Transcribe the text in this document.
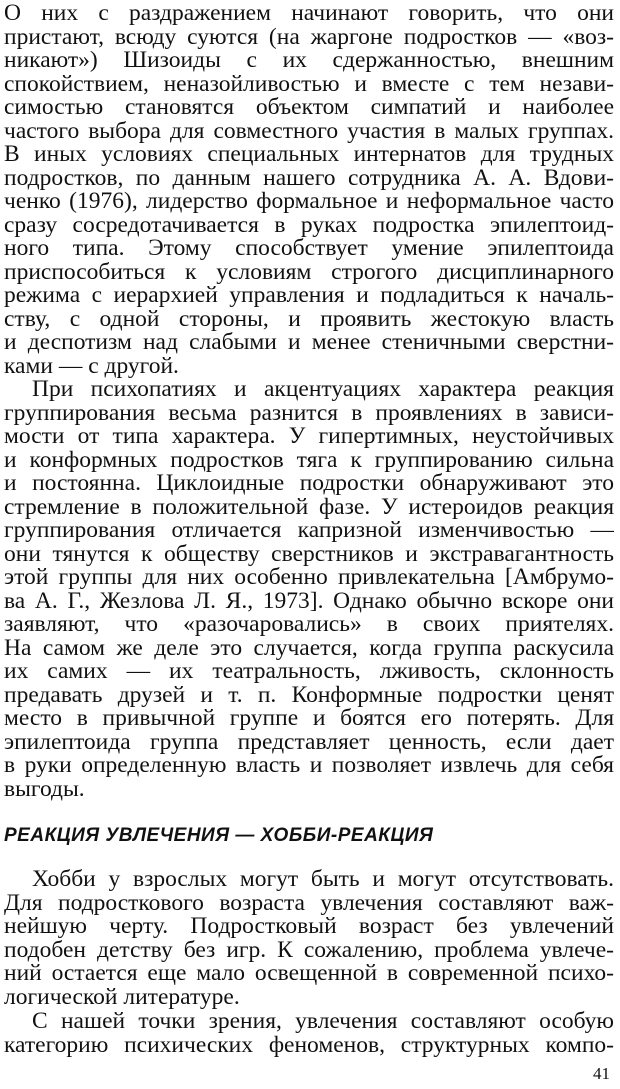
О них с раздражением начинают говорить, что они
пристают, всюду суются (на жаргоне подростков — «воз-
никают») Шизоиды с их сдержанностью, внешним
спокойствием, неназойливостью и вместе с тем незави-
симостью становятся объектом симпатий и наиболее
частого выбора для совместного участия в малых группах.
В иных условиях специальных интернатов для трудных
подростков, по данным нашего сотрудника А. А. Вдови-
ченко (1976), лидерство формальное и неформальное часто
сразу сосредотачивается в руках подростка эпилептоид-
ного типа. Этому способствует умение эпилептоида
приспособиться к условиям строгого дисциплинарного
режима с иерархией управления и подладиться к началь-
ству, с одной стороны, и проявить жестокую власть
и деспотизм над слабыми и менее стеничными сверстни-
ками — с другой.
При психопатиях и акцентуациях характера реакция
группирования весьма разнится в проявлениях в зависи-
мости от типа характера. У гипертимных, неустойчивых
и конформных подростков тяга к группированию сильна
и постоянна. Циклоидные подростки обнаруживают это
стремление в положительной фазе. У истероидов реакция
группирования отличается капризной изменчивостью —
они тянутся к обществу сверстников и экстравагантность
этой группы для них особенно привлекательна [Амбрумо-
ва А. Г., Жезлова Л. Я., 1973]. Однако обычно вскоре они
заявляют, что «разочаровались» в своих приятелях.
На самом же деле это случается, когда группа раскусила
их самих — их театральность, лживость, склонность
предавать друзей и т. п. Конформные подростки ценят
место в привычной группе и боятся его потерять. Для
эпилептоида группа представляет ценность, если дает
в руки определенную власть и позволяет извлечь для себя
выгоды.
РЕАКЦИЯ УВЛЕЧЕНИЯ — ХОББИ-РЕАКЦИЯ
Хобби у взрослых могут быть и могут отсутствовать.
Для подросткового возраста увлечения составляют важ-
нейшую черту. Подростковый возраст без увлечений
подобен детству без игр. К сожалению, проблема увлече-
ний остается еще мало освещенной в современной психо-
логической литературе.
С нашей точки зрения, увлечения составляют особую
категорию психических феноменов, структурных компо-
41
